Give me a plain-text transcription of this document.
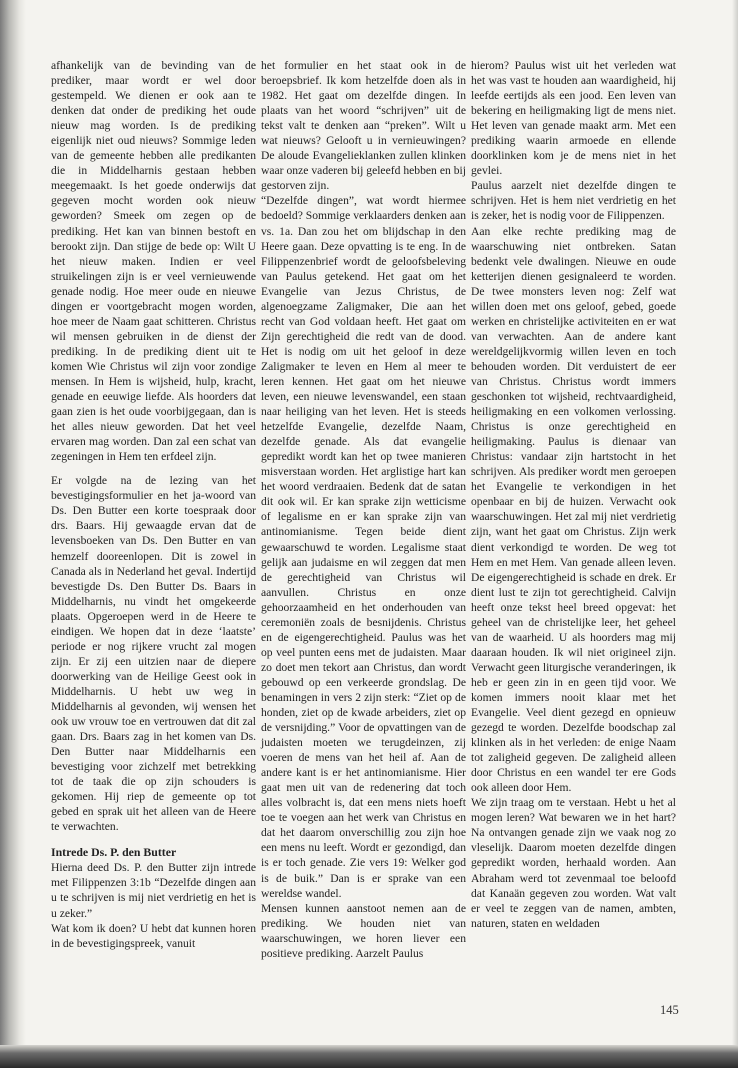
afhankelijk van de bevinding van de prediker, maar wordt er wel door gestempeld. We dienen er ook aan te denken dat onder de prediking het oude nieuw mag worden. Is de prediking eigenlijk niet oud nieuws? Sommige leden van de gemeente hebben alle predikanten die in Middelharnis gestaan hebben meegemaakt. Is het goede onderwijs dat gegeven mocht worden ook nieuw geworden? Smeek om zegen op de prediking. Het kan van binnen bestoft en berookt zijn. Dan stijge de bede op: Wilt U het nieuw maken. Indien er veel struikelingen zijn is er veel vernieuwende genade nodig. Hoe meer oude en nieuwe dingen er voortgebracht mogen worden, hoe meer de Naam gaat schitteren. Christus wil mensen gebruiken in de dienst der prediking. In de prediking dient uit te komen Wie Christus wil zijn voor zondige mensen. In Hem is wijsheid, hulp, kracht, genade en eeuwige liefde. Als hoorders dat gaan zien is het oude voorbijgegaan, dan is het alles nieuw geworden. Dat het veel ervaren mag worden. Dan zal een schat van zegeningen in Hem ten erfdeel zijn.

Er volgde na de lezing van het bevestigingsformulier en het ja-woord van Ds. Den Butter een korte toespraak door drs. Baars. Hij gewaagde ervan dat de levensboeken van Ds. Den Butter en van hemzelf dooreenlopen. Dit is zowel in Canada als in Nederland het geval. Indertijd bevestigde Ds. Den Butter Ds. Baars in Middelharnis, nu vindt het omgekeerde plaats. Opgeroepen werd in de Heere te eindigen. We hopen dat in deze ‘laatste’ periode er nog rijkere vrucht zal mogen zijn. Er zij een uitzien naar de diepere doorwerking van de Heilige Geest ook in Middelharnis. U hebt uw weg in Middelharnis al gevonden, wij wensen het ook uw vrouw toe en vertrouwen dat dit zal gaan. Drs. Baars zag in het komen van Ds. Den Butter naar Middelharnis een bevestiging voor zichzelf met betrekking tot de taak die op zijn schouders is gekomen. Hij riep de gemeente op tot gebed en sprak uit het alleen van de Heere te verwachten.

Intrede Ds. P. den Butter

Hierna deed Ds. P. den Butter zijn intrede met Filippenzen 3:1b “Dezelfde dingen aan u te schrijven is mij niet verdrietig en het is u zeker.”

Wat kom ik doen? U hebt dat kunnen horen in de bevestigingspreek, vanuit

het formulier en het staat ook in de beroepsbrief. Ik kom hetzelfde doen als in 1982. Het gaat om dezelfde dingen. In plaats van het woord “schrijven” uit de tekst valt te denken aan “preken”. Wilt u wat nieuws? Gelooft u in vernieuwingen? De aloude Evangelieklanken zullen klinken waar onze vaderen bij geleefd hebben en bij gestorven zijn.

“Dezelfde dingen”, wat wordt hiermee bedoeld? Sommige verklaarders denken aan vs. 1a. Dan zou het om blijdschap in den Heere gaan. Deze opvatting is te eng. In de Filippenzenbrief wordt de geloofsbeleving van Paulus getekend. Het gaat om het Evangelie van Jezus Christus, de algenoegzame Zaligmaker, Die aan het recht van God voldaan heeft. Het gaat om Zijn gerechtigheid die redt van de dood. Het is nodig om uit het geloof in deze Zaligmaker te leven en Hem al meer te leren kennen. Het gaat om het nieuwe leven, een nieuwe levenswandel, een staan naar heiliging van het leven. Het is steeds hetzelfde Evangelie, dezelfde Naam, dezelfde genade. Als dat evangelie gepredikt wordt kan het op twee manieren misverstaan worden. Het arglistige hart kan het woord verdraaien. Bedenk dat de satan dit ook wil. Er kan sprake zijn wetticisme of legalisme en er kan sprake zijn van antinomianisme. Tegen beide dient gewaarschuwd te worden. Legalisme staat gelijk aan judaisme en wil zeggen dat men de gerechtigheid van Christus wil aanvullen. Christus en onze gehoorzaamheid en het onderhouden van ceremoniën zoals de besnijdenis. Christus en de eigengerechtigheid. Paulus was het op veel punten eens met de judaisten. Maar zo doet men tekort aan Christus, dan wordt gebouwd op een verkeerde grondslag. De benamingen in vers 2 zijn sterk: “Ziet op de honden, ziet op de kwade arbeiders, ziet op de versnijding.” Voor de opvattingen van de judaisten moeten we terugdeinzen, zij voeren de mens van het heil af. Aan de andere kant is er het antinomianisme. Hier gaat men uit van de redenering dat toch alles volbracht is, dat een mens niets hoeft toe te voegen aan het werk van Christus en dat het daarom onverschillig zou zijn hoe een mens nu leeft. Wordt er gezondigd, dan is er toch genade. Zie vers 19: Welker god is de buik.” Dan is er sprake van een wereldse wandel.

Mensen kunnen aanstoot nemen aan de prediking. We houden niet van waarschuwingen, we horen liever een positieve prediking. Aarzelt Paulus

hierom? Paulus wist uit het verleden wat het was vast te houden aan waardigheid, hij leefde eertijds als een jood. Een leven van bekering en heiligmaking ligt de mens niet. Het leven van genade maakt arm. Met een prediking waarin armoede en ellende doorklinken kom je de mens niet in het gevlei.

Paulus aarzelt niet dezelfde dingen te schrijven. Het is hem niet verdrietig en het is zeker, het is nodig voor de Filippenzen.

Aan elke rechte prediking mag de waarschuwing niet ontbreken. Satan bedenkt vele dwalingen. Nieuwe en oude ketterijen dienen gesignaleerd te worden. De twee monsters leven nog: Zelf wat willen doen met ons geloof, gebed, goede werken en christelijke activiteiten en er wat van verwachten. Aan de andere kant wereldgelijkvormig willen leven en toch behouden worden. Dit verduistert de eer van Christus. Christus wordt immers geschonken tot wijsheid, rechtvaardigheid, heiligmaking en een volkomen verlossing. Christus is onze gerechtigheid en heiligmaking. Paulus is dienaar van Christus: vandaar zijn hartstocht in het schrijven. Als prediker wordt men geroepen het Evangelie te verkondigen in het openbaar en bij de huizen. Verwacht ook waarschuwingen. Het zal mij niet verdrietig zijn, want het gaat om Christus. Zijn werk dient verkondigd te worden. De weg tot Hem en met Hem. Van genade alleen leven. De eigengerechtigheid is schade en drek. Er dient lust te zijn tot gerechtigheid. Calvijn heeft onze tekst heel breed opgevat: het geheel van de christelijke leer, het geheel van de waarheid. U als hoorders mag mij daaraan houden. Ik wil niet origineel zijn. Verwacht geen liturgische veranderingen, ik heb er geen zin in en geen tijd voor. We komen immers nooit klaar met het Evangelie. Veel dient gezegd en opnieuw gezegd te worden. Dezelfde boodschap zal klinken als in het verleden: de enige Naam tot zaligheid gegeven. De zaligheid alleen door Christus en een wandel ter ere Gods ook alleen door Hem.

We zijn traag om te verstaan. Hebt u het al mogen leren? Wat bewaren we in het hart? Na ontvangen genade zijn we vaak nog zo vleselijk. Daarom moeten dezelfde dingen gepredikt worden, herhaald worden. Aan Abraham werd tot zevenmaal toe beloofd dat Kanaän gegeven zou worden. Wat valt er veel te zeggen van de namen, ambten, naturen, staten en weldaden

145
